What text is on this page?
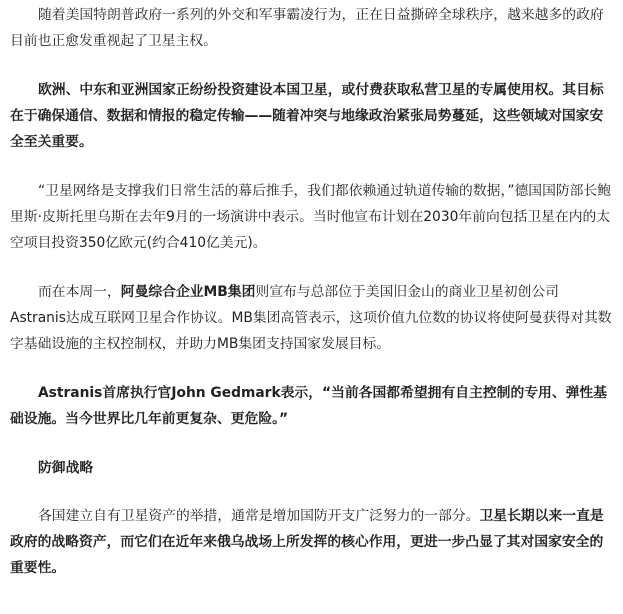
随着美国特朗普政府一系列的外交和军事霸凌行为，正在日益撕碎全球秩序，越来越多的政府目前也正愈发重视起了卫星主权。

欧洲、中东和亚洲国家正纷纷投资建设本国卫星，或付费获取私营卫星的专属使用权。其目标在于确保通信、数据和情报的稳定传输——随着冲突与地缘政治紧张局势蔓延，这些领域对国家安全至关重要。

“卫星网络是支撑我们日常生活的幕后推手，我们都依赖通过轨道传输的数据，”德国国防部长鲍里斯·皮斯托里乌斯在去年9月的一场演讲中表示。当时他宣布计划在2030年前向包括卫星在内的太空项目投资350亿欧元(约合410亿美元)。

而在本周一，阿曼综合企业MB集团则宣布与总部位于美国旧金山的商业卫星初创公司Astranis达成互联网卫星合作协议。MB集团高管表示，这项价值九位数的协议将使阿曼获得对其数字基础设施的主权控制权，并助力MB集团支持国家发展目标。

Astranis首席执行官John Gedmark表示，“当前各国都希望拥有自主控制的专用、弹性基础设施。当今世界比几年前更复杂、更危险。”

防御战略

各国建立自有卫星资产的举措，通常是增加国防开支广泛努力的一部分。卫星长期以来一直是政府的战略资产，而它们在近年来俄乌战场上所发挥的核心作用，更进一步凸显了其对国家安全的重要性。
